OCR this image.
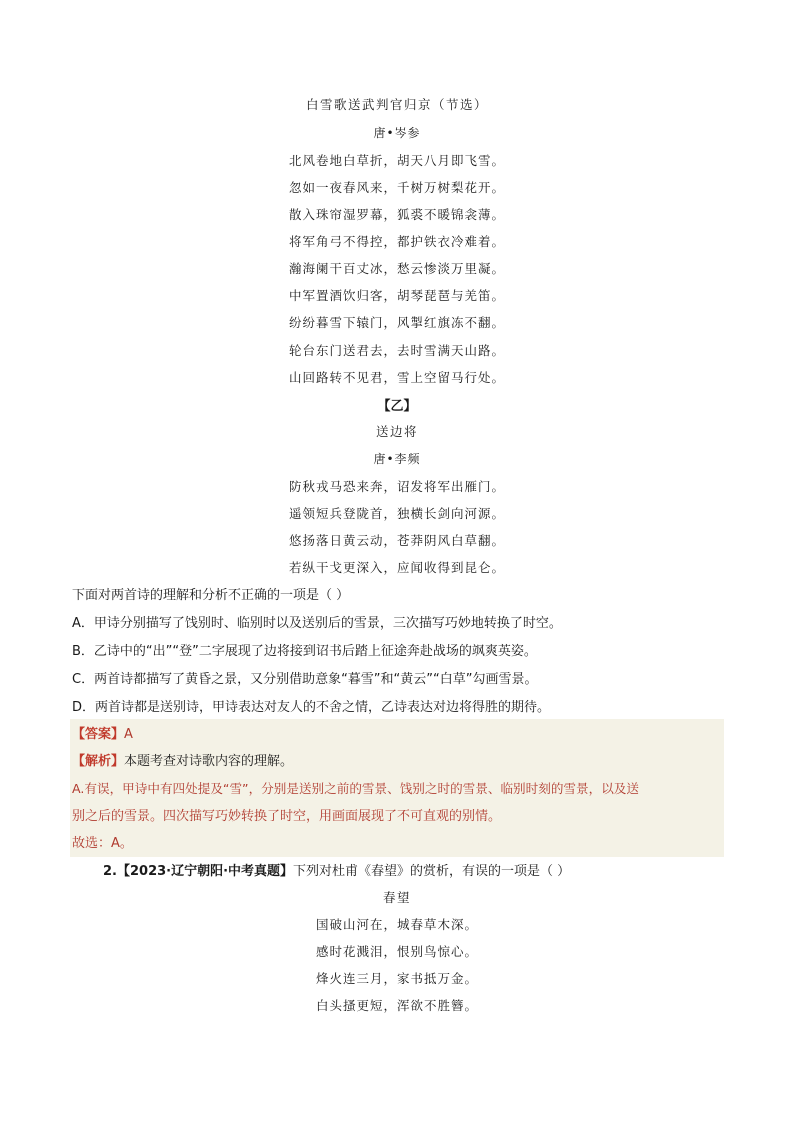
白雪歌送武判官归京（节选）
唐•岑参
北风卷地白草折，胡天八月即飞雪。
忽如一夜春风来，千树万树梨花开。
散入珠帘湿罗幕，狐裘不暖锦衾薄。
将军角弓不得控，都护铁衣冷难着。
瀚海阑干百丈冰，愁云惨淡万里凝。
中军置酒饮归客，胡琴琵琶与羌笛。
纷纷暮雪下辕门，风掣红旗冻不翻。
轮台东门送君去，去时雪满天山路。
山回路转不见君，雪上空留马行处。
【乙】
送边将
唐•李频
防秋戎马恐来奔，诏发将军出雁门。
遥领短兵登陇首，独横长剑向河源。
悠扬落日黄云动，苍莽阴风白草翻。
若纵干戈更深入，应闻收得到昆仑。
下面对两首诗的理解和分析不正确的一项是（ ）
A．甲诗分别描写了饯别时、临别时以及送别后的雪景，三次描写巧妙地转换了时空。
B．乙诗中的“出”“登”二字展现了边将接到诏书后踏上征途奔赴战场的飒爽英姿。
C．两首诗都描写了黄昏之景，又分别借助意象“暮雪”和“黄云”“白草”勾画雪景。
D．两首诗都是送别诗，甲诗表达对友人的不舍之情，乙诗表达对边将得胜的期待。
【答案】A
【解析】本题考查对诗歌内容的理解。
A.有误，甲诗中有四处提及“雪”，分别是送别之前的雪景、饯别之时的雪景、临别时刻的雪景，以及送
别之后的雪景。四次描写巧妙转换了时空，用画面展现了不可直观的别情。
故选：A。
2.【2023·辽宁朝阳·中考真题】下列对杜甫《春望》的赏析，有误的一项是（ ）
春望
国破山河在，城春草木深。
感时花溅泪，恨别鸟惊心。
烽火连三月，家书抵万金。
白头搔更短，浑欲不胜簪。
